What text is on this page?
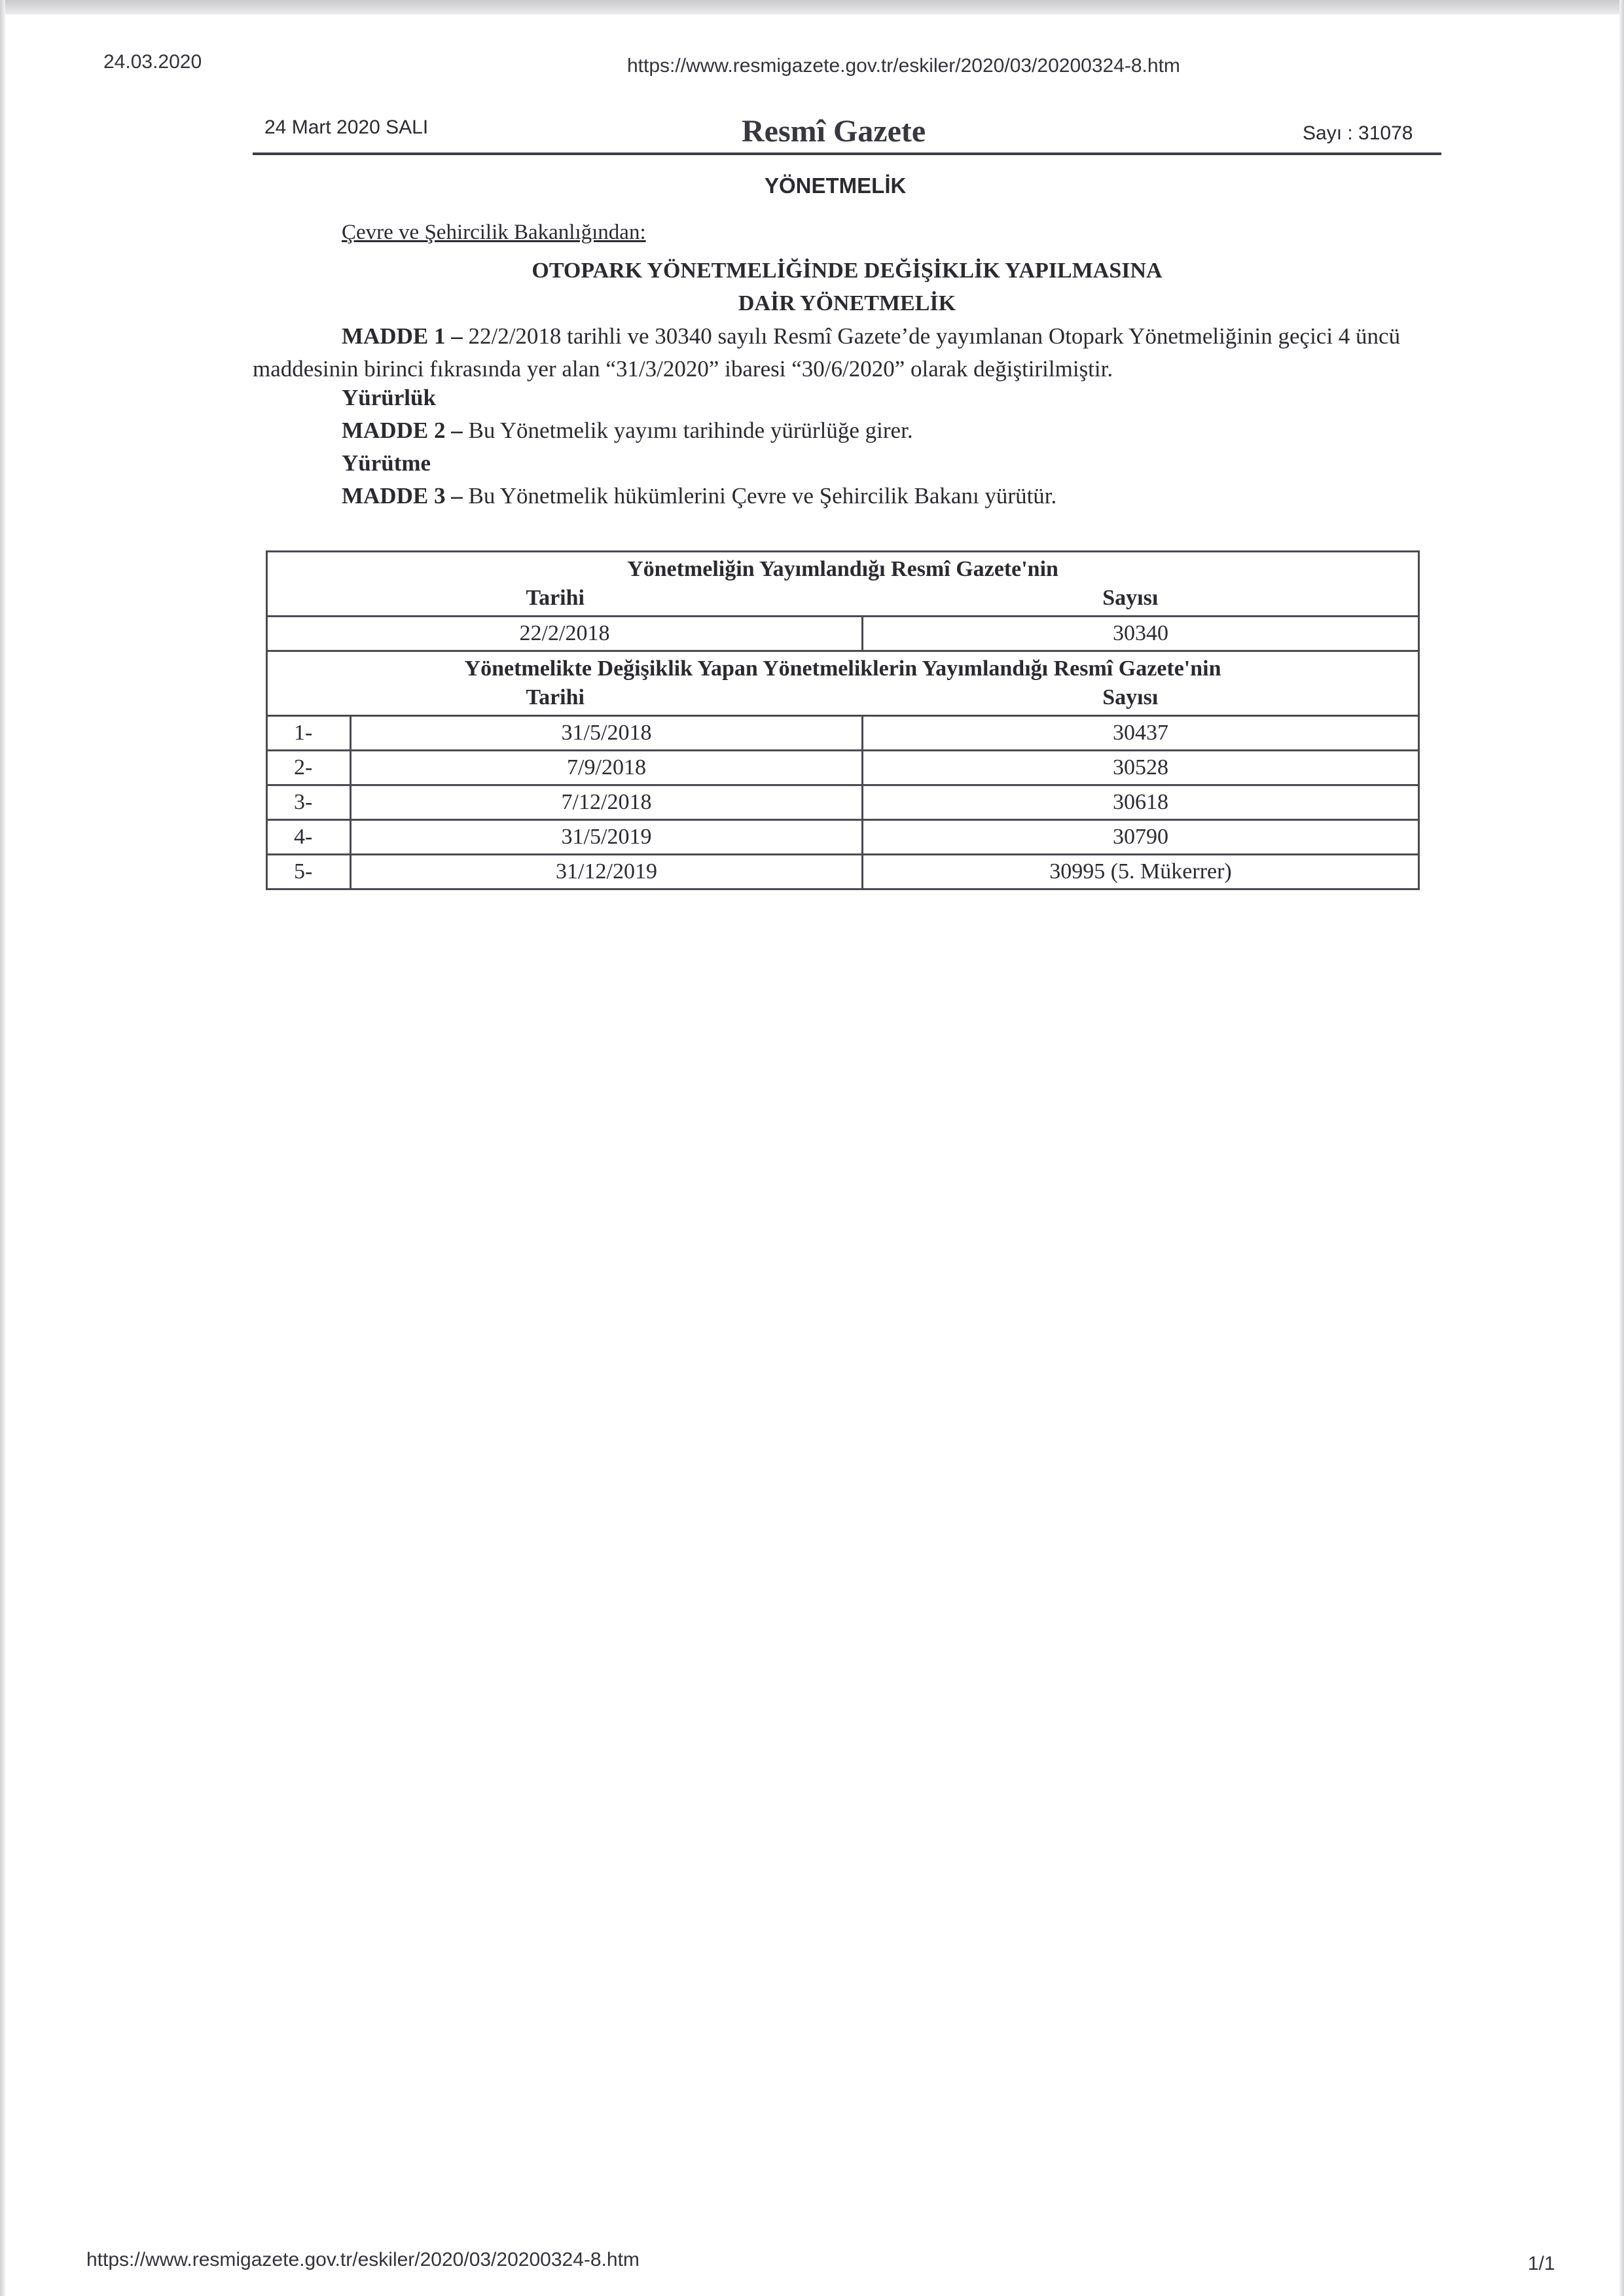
24.03.2020	https://www.resmigazete.gov.tr/eskiler/2020/03/20200324-8.htm
24 Mart 2020 SALI	Resmî Gazete	Sayı : 31078
YÖNETMELİK
Çevre ve Şehircilik Bakanlığından:
OTOPARK YÖNETMELİĞİNDE DEĞİŞİKLİK YAPILMASINA
DAİR YÖNETMELİK
MADDE 1 – 22/2/2018 tarihli ve 30340 sayılı Resmî Gazete’de yayımlanan Otopark Yönetmeliğinin geçici 4 üncü maddesinin birinci fıkrasında yer alan “31/3/2020” ibaresi “30/6/2020” olarak değiştirilmiştir.
Yürürlük
MADDE 2 – Bu Yönetmelik yayımı tarihinde yürürlüğe girer.
Yürütme
MADDE 3 – Bu Yönetmelik hükümlerini Çevre ve Şehircilik Bakanı yürütür.
Yönetmeliğin Yayımlandığı Resmî Gazete'nin
Tarihi Sayısı		

22/2/2018		30340

Yönetmelikte Değişiklik Yapan Yönetmeliklerin Yayımlandığı Resmî Gazete'nin
Tarihi Sayısı		

1-	31/5/2018	30437
2-	7/9/2018	30528
3-	7/12/2018	30618
4-	31/5/2019	30790
5-	31/12/2019	30995 (5. Mükerrer)
https://www.resmigazete.gov.tr/eskiler/2020/03/20200324-8.htm	1/1
